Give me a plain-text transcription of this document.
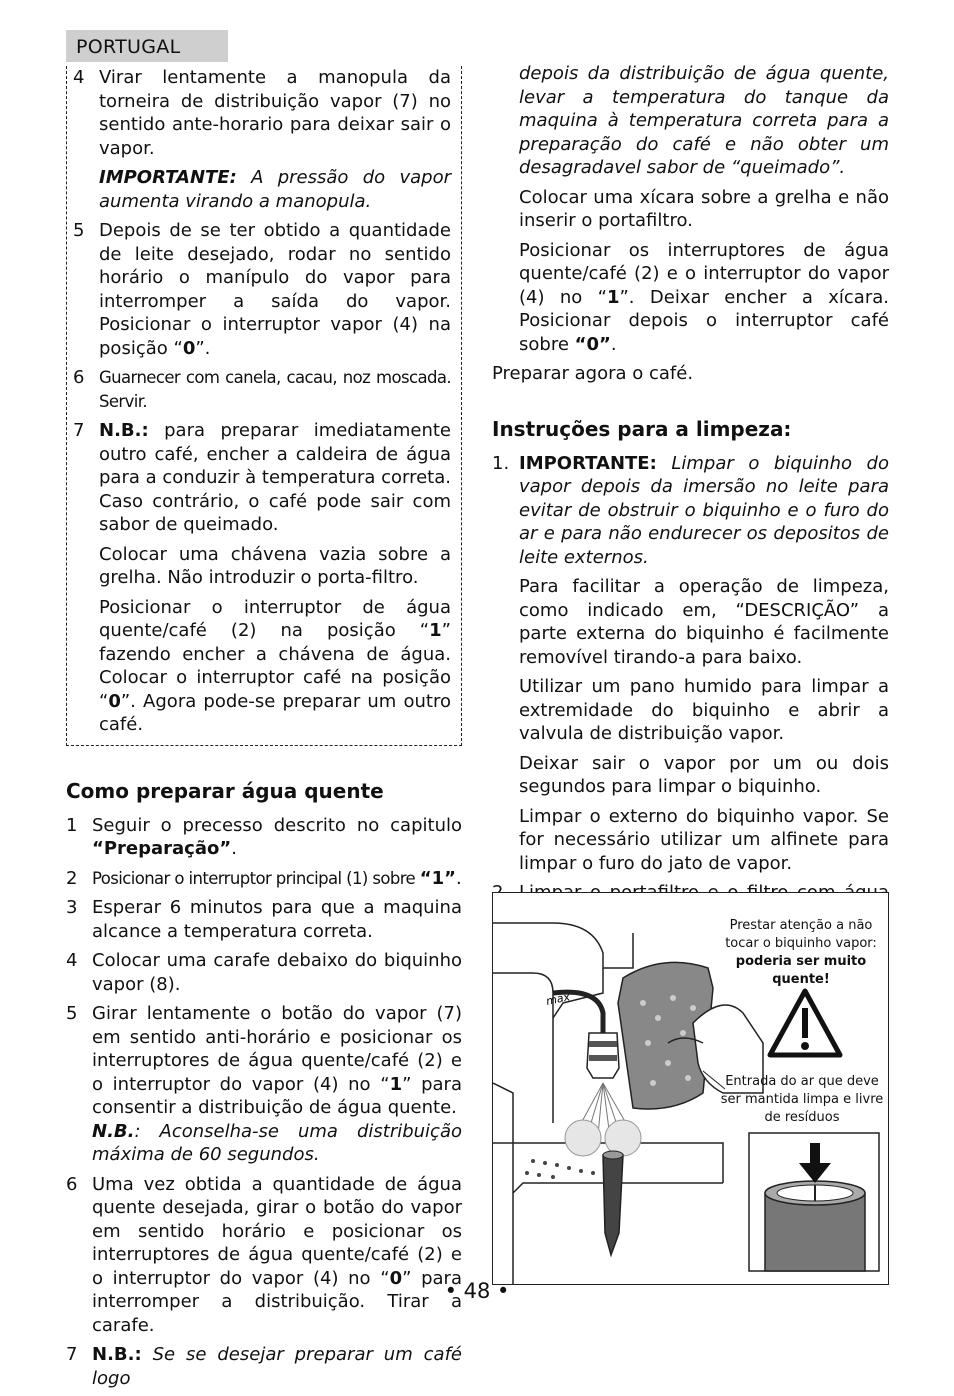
PORTUGAL
4 Virar lentamente a manopula da torneira de distribuição vapor (7) no sentido ante-horario para deixar sair o vapor.
IMPORTANTE: A pressão do vapor aumenta virando a manopula.
5 Depois de se ter obtido a quantidade de leite desejado, rodar no sentido horário o manípulo do vapor para interromper a saída do vapor. Posicionar o interruptor vapor (4) na posição “0”.
6 Guarnecer com canela, cacau, noz moscada. Servir.
7 N.B.: para preparar imediatamente outro café, encher a caldeira de água para a conduzir à temperatura correta. Caso contrário, o café pode sair com sabor de queimado.
Colocar uma chávena vazia sobre a grelha. Não introduzir o porta-filtro.
Posicionar o interruptor de água quente/café (2) na posição “1” fazendo encher a chávena de água. Colocar o interruptor café na posição “0”. Agora pode-se preparar um outro café.
Como preparar água quente
1 Seguir o precesso descrito no capitulo “Preparação”.
2 Posicionar o interruptor principal (1) sobre “1”.
3 Esperar 6 minutos para que a maquina alcance a temperatura correta.
4 Colocar uma carafe debaixo do biquinho vapor (8).
5 Girar lentamente o botão do vapor (7) em sentido anti-horário e posicionar os interruptores de água quente/café (2) e o interruptor do vapor (4) no “1” para consentir a distribuição de água quente.
N.B.: Aconselha-se uma distribuição máxima de 60 segundos.
6 Uma vez obtida a quantidade de água quente desejada, girar o botão do vapor em sentido horário e posicionar os interruptores de água quente/café (2) e o interruptor do vapor (4) no “0” para interromper a distribuição. Tirar a carafe.
7 N.B.: Se se desejar preparar um café logo
depois da distribuição de água quente, levar a temperatura do tanque da maquina à temperatura correta para a preparação do café e não obter um desagradavel sabor de “queimado”.
Colocar uma xícara sobre a grelha e não inserir o portafiltro.
Posicionar os interruptores de água quente/café (2) e o interruptor do vapor (4) no “1”. Deixar encher a xícara. Posicionar depois o interruptor café sobre “0”.
Preparar agora o café.
Instruções para a limpeza:
1. IMPORTANTE: Limpar o biquinho do vapor depois da imersão no leite para evitar de obstruir o biquinho e o furo do ar e para não endurecer os depositos de leite externos.
Para facilitar a operação de limpeza, como indicado em, “DESCRIÇÃO” a parte externa do biquinho é facilmente removível tirando-a para baixo.
Utilizar um pano humido para limpar a extremidade do biquinho e abrir a valvula de distribuição vapor.
Deixar sair o vapor por um ou dois segundos para limpar o biquinho.
Limpar o externo do biquinho vapor. Se for necessário utilizar um alfinete para limpar o furo do jato de vapor.
max
Prestar atenção a não tocar o biquinho vapor:
poderia ser muito quente!
Entrada do ar que deve ser mantida limpa e livre de resíduos
• 48 •
